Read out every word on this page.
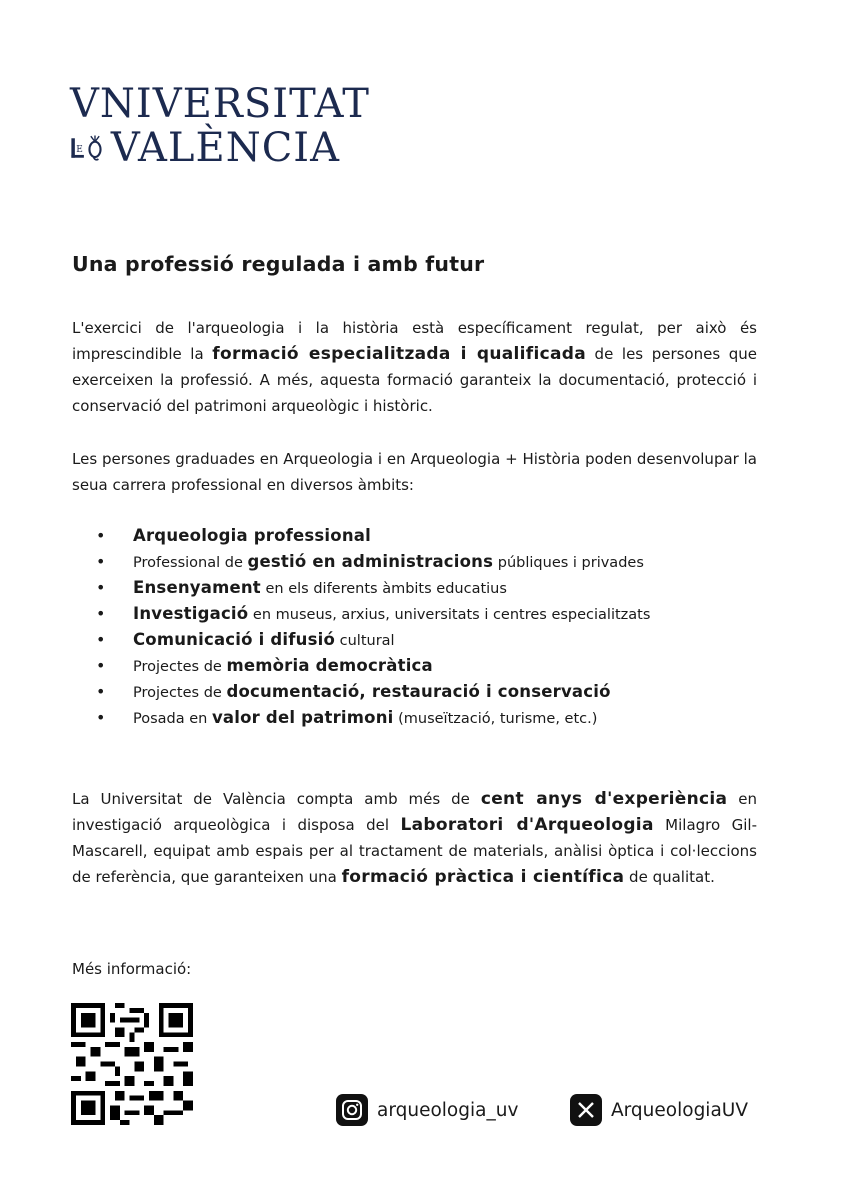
VNIVERSITAT
E VALÈNCIA
Una professió regulada i amb futur
L'exercici de l'arqueologia i la història està específicament regulat, per això és imprescindible la formació especialitzada i qualificada de les persones que exerceixen la professió. A més, aquesta formació garanteix la documentació, protecció i conservació del patrimoni arqueològic i històric.
Les persones graduades en Arqueologia i en Arqueologia + Història poden desenvolupar la seua carrera professional en diversos àmbits:
• Arqueologia professional
• Professional de gestió en administracions públiques i privades
• Ensenyament en els diferents àmbits educatius
• Investigació en museus, arxius, universitats i centres especialitzats
• Comunicació i difusió cultural
• Projectes de memòria democràtica
• Projectes de documentació, restauració i conservació
• Posada en valor del patrimoni (museïtzació, turisme, etc.)
La Universitat de València compta amb més de cent anys d'experiència en investigació arqueològica i disposa del Laboratori d'Arqueologia Milagro Gil-Mascarell, equipat amb espais per al tractament de materials, anàlisi òptica i col·leccions de referència, que garanteixen una formació pràctica i científica de qualitat.
Més informació:
arqueologia_uv	ArqueologiaUV
